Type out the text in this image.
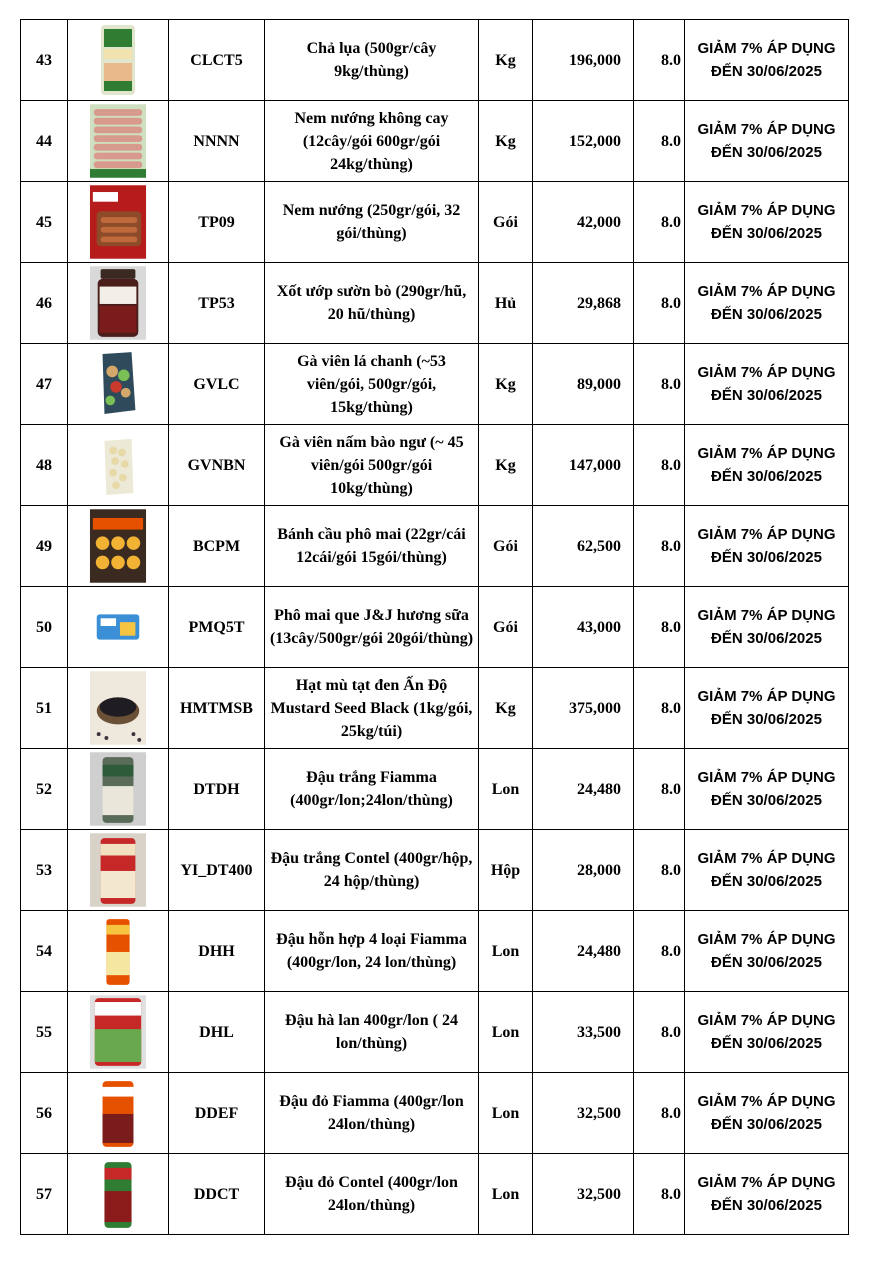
43		CLCT5	Chả lụa (500gr/cây 9kg/thùng)	Kg	196,000	8.0	GIẢM 7% ÁP DỤNG
ĐẾN 30/06/2025

44		NNNN	Nem nướng không cay (12cây/gói 600gr/gói 24kg/thùng)	Kg	152,000	8.0	GIẢM 7% ÁP DỤNG
ĐẾN 30/06/2025

45		TP09	Nem nướng (250gr/gói, 32 gói/thùng)	Gói	42,000	8.0	GIẢM 7% ÁP DỤNG
ĐẾN 30/06/2025

46		TP53	Xốt ướp sườn bò (290gr/hũ, 20 hũ/thùng)	Hủ	29,868	8.0	GIẢM 7% ÁP DỤNG
ĐẾN 30/06/2025

47		GVLC	Gà viên lá chanh (~53 viên/gói, 500gr/gói, 15kg/thùng)	Kg	89,000	8.0	GIẢM 7% ÁP DỤNG
ĐẾN 30/06/2025

48		GVNBN	Gà viên nấm bào ngư (~ 45 viên/gói 500gr/gói 10kg/thùng)	Kg	147,000	8.0	GIẢM 7% ÁP DỤNG
ĐẾN 30/06/2025

49		BCPM	Bánh cầu phô mai (22gr/cái 12cái/gói 15gói/thùng)	Gói	62,500	8.0	GIẢM 7% ÁP DỤNG
ĐẾN 30/06/2025

50		PMQ5T	Phô mai que J&J hương sữa (13cây/500gr/gói 20gói/thùng)	Gói	43,000	8.0	GIẢM 7% ÁP DỤNG
ĐẾN 30/06/2025

51		HMTMSB	Hạt mù tạt đen Ấn Độ Mustard Seed Black (1kg/gói, 25kg/túi)	Kg	375,000	8.0	GIẢM 7% ÁP DỤNG
ĐẾN 30/06/2025

52		DTDH	Đậu trắng Fiamma (400gr/lon;24lon/thùng)	Lon	24,480	8.0	GIẢM 7% ÁP DỤNG
ĐẾN 30/06/2025

53		YI_DT400	Đậu trắng Contel (400gr/hộp, 24 hộp/thùng)	Hộp	28,000	8.0	GIẢM 7% ÁP DỤNG
ĐẾN 30/06/2025

54		DHH	Đậu hỗn hợp 4 loại Fiamma (400gr/lon, 24 lon/thùng)	Lon	24,480	8.0	GIẢM 7% ÁP DỤNG
ĐẾN 30/06/2025

55		DHL	Đậu hà lan 400gr/lon ( 24 lon/thùng)	Lon	33,500	8.0	GIẢM 7% ÁP DỤNG
ĐẾN 30/06/2025

56		DDEF	Đậu đỏ Fiamma (400gr/lon 24lon/thùng)	Lon	32,500	8.0	GIẢM 7% ÁP DỤNG
ĐẾN 30/06/2025

57		DDCT	Đậu đỏ Contel (400gr/lon 24lon/thùng)	Lon	32,500	8.0	GIẢM 7% ÁP DỤNG
ĐẾN 30/06/2025
